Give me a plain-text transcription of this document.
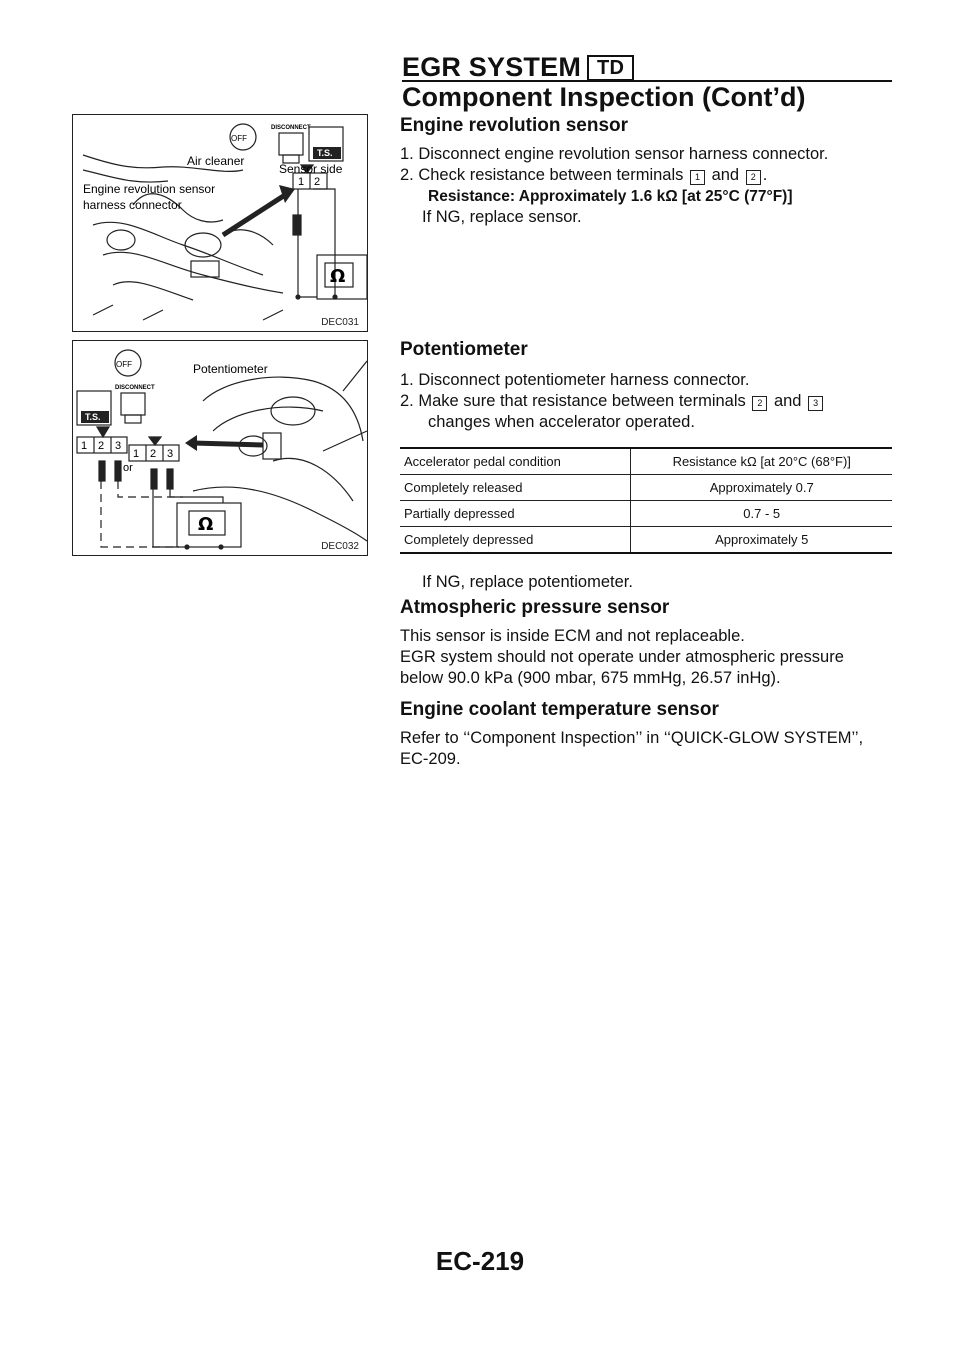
EGR SYSTEM TD
Component Inspection (Cont’d)
OFF
DISCONNECT
T.S.
Air cleaner
Sensor side
Engine revolution sensor
harness connector
1 2
Ω
DEC031
OFF
DISCONNECT
T.S.
Potentiometer
1 2 3
1 2 3
or
Ω
DEC032
Engine revolution sensor

1. Disconnect engine revolution sensor harness connector.

2. Check resistance between terminals 1 and 2 .

Resistance: Approximately 1.6 kΩ [at 25°C (77°F)]

If NG, replace sensor.

Potentiometer

1. Disconnect potentiometer harness connector.

2. Make sure that resistance between terminals 2 and 3

changes when accelerator operated.

Accelerator pedal condition	Resistance kΩ [at 20°C (68°F)]
Completely released	Approximately 0.7
Partially depressed	0.7 - 5
Completely depressed	Approximately 5

If NG, replace potentiometer.

Atmospheric pressure sensor

This sensor is inside ECM and not replaceable.

EGR system should not operate under atmospheric pressure

below 90.0 kPa (900 mbar, 675 mmHg, 26.57 inHg).

Engine coolant temperature sensor

Refer to ‘‘Component Inspection’’ in ‘‘QUICK-GLOW SYSTEM’’,

EC-209.

EC-219
